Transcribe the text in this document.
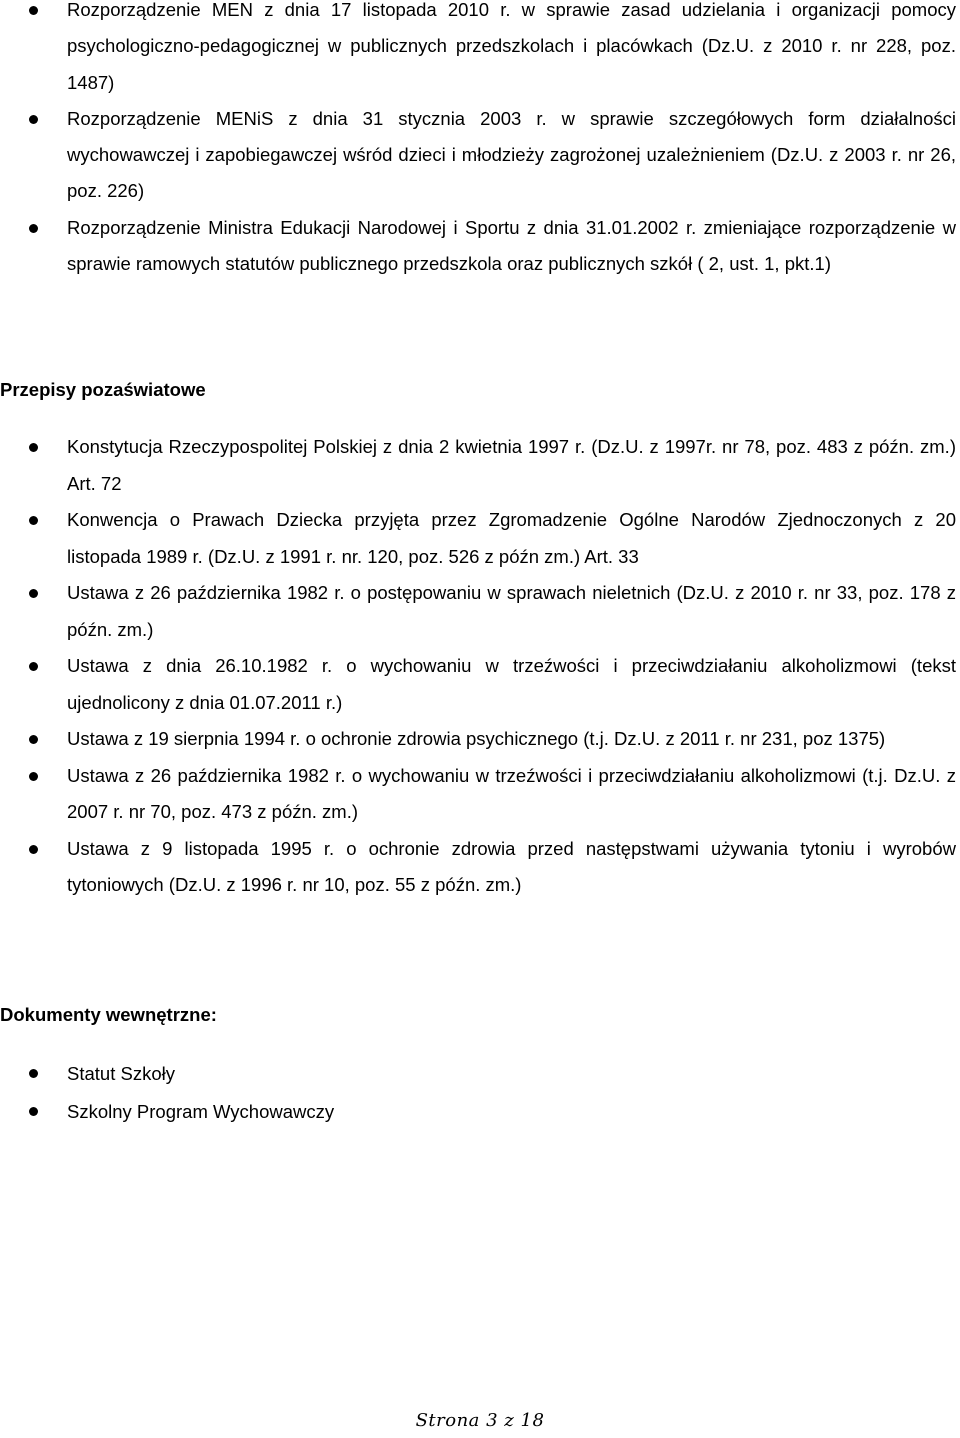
Rozporządzenie MEN z dnia 17 listopada 2010 r. w sprawie zasad udzielania i organizacji pomocy psychologiczno-pedagogicznej w publicznych przedszkolach i placówkach (Dz.U. z 2010 r. nr 228, poz. 1487)
Rozporządzenie MENiS z dnia 31 stycznia 2003 r. w sprawie szczegółowych form działalności wychowawczej i zapobiegawczej wśród dzieci i młodzieży zagrożonej uzależnieniem (Dz.U. z 2003 r. nr 26, poz. 226)
Rozporządzenie Ministra Edukacji Narodowej i Sportu z dnia 31.01.2002 r. zmieniające rozporządzenie w sprawie ramowych statutów publicznego przedszkola oraz publicznych szkół ( 2, ust. 1, pkt.1)
Przepisy pozaświatowe
Konstytucja Rzeczypospolitej Polskiej z dnia 2 kwietnia 1997 r. (Dz.U. z 1997r. nr 78, poz. 483 z późn. zm.) Art. 72
Konwencja o Prawach Dziecka przyjęta przez Zgromadzenie Ogólne Narodów Zjednoczonych z 20 listopada 1989 r. (Dz.U. z 1991 r. nr. 120, poz. 526 z późn zm.) Art. 33
Ustawa z 26 października 1982 r. o postępowaniu w sprawach nieletnich (Dz.U. z 2010 r. nr 33, poz. 178 z późn. zm.)
Ustawa z dnia 26.10.1982 r. o wychowaniu w trzeźwości i przeciwdziałaniu alkoholizmowi (tekst ujednolicony z dnia 01.07.2011 r.)
Ustawa z 19 sierpnia 1994 r. o ochronie zdrowia psychicznego (t.j. Dz.U. z 2011 r. nr 231, poz 1375)
Ustawa z 26 października 1982 r. o wychowaniu w trzeźwości i przeciwdziałaniu alkoholizmowi (t.j. Dz.U. z 2007 r. nr 70, poz. 473 z późn. zm.)
Ustawa z 9 listopada 1995 r. o ochronie zdrowia przed następstwami używania tytoniu i wyrobów tytoniowych (Dz.U. z 1996 r. nr 10, poz. 55 z późn. zm.)
Dokumenty wewnętrzne:
Statut Szkoły
Szkolny Program Wychowawczy
Strona 3 z 18
